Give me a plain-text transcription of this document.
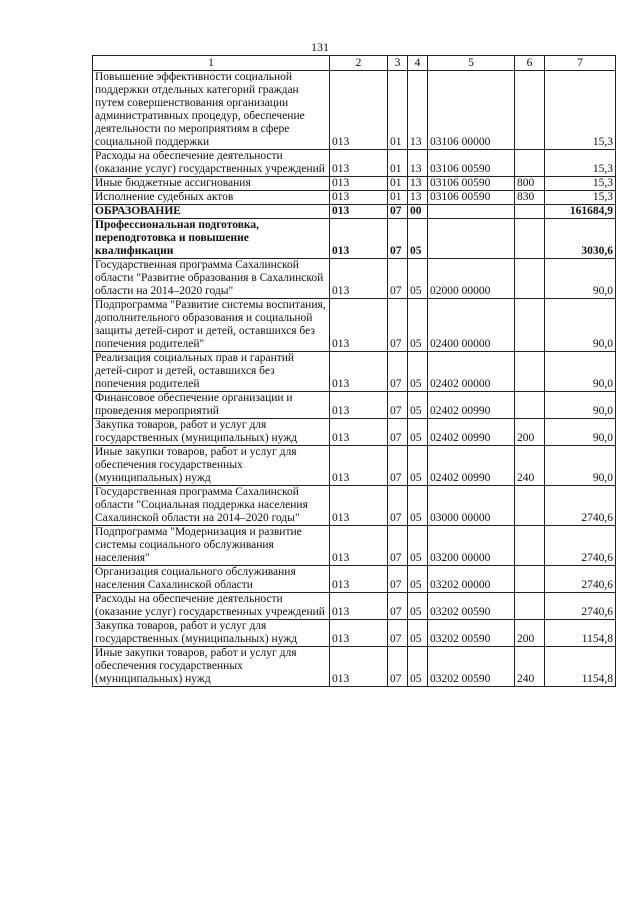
131
1	2	3	4	5	6	7
Повышение эффективности социальной поддержки отдельных категорий граждан путем совершенствования организации административных процедур, обеспечение деятельности по мероприятиям в сфере социальной поддержки	013	01	13	03106 00000		15,3
Расходы на обеспечение деятельности (оказание услуг) государственных учреждений	013	01	13	03106 00590		15,3
Иные бюджетные ассигнования	013	01	13	03106 00590	800	15,3
Исполнение судебных актов	013	01	13	03106 00590	830	15,3
ОБРАЗОВАНИЕ	013	07	00			161684,9
Профессиональная подготовка, переподготовка и повышение квалификации	013	07	05			3030,6
Государственная программа Сахалинской области "Развитие образования в Сахалинской области на 2014–2020 годы"	013	07	05	02000 00000		90,0
Подпрограмма "Развитие системы воспитания, дополнительного образования и социальной защиты детей-сирот и детей, оставшихся без попечения родителей"	013	07	05	02400 00000		90,0
Реализация социальных прав и гарантий детей-сирот и детей, оставшихся без попечения родителей	013	07	05	02402 00000		90,0
Финансовое обеспечение организации и проведения мероприятий	013	07	05	02402 00990		90,0
Закупка товаров, работ и услуг для государственных (муниципальных) нужд	013	07	05	02402 00990	200	90,0
Иные закупки товаров, работ и услуг для обеспечения государственных (муниципальных) нужд	013	07	05	02402 00990	240	90,0
Государственная программа Сахалинской области "Социальная поддержка населения Сахалинской области на 2014–2020 годы"	013	07	05	03000 00000		2740,6
Подпрограмма "Модернизация и развитие системы социального обслуживания населения"	013	07	05	03200 00000		2740,6
Организация социального обслуживания населения Сахалинской области	013	07	05	03202 00000		2740,6
Расходы на обеспечение деятельности (оказание услуг) государственных учреждений	013	07	05	03202 00590		2740,6
Закупка товаров, работ и услуг для государственных (муниципальных) нужд	013	07	05	03202 00590	200	1154,8
Иные закупки товаров, работ и услуг для обеспечения государственных (муниципальных) нужд	013	07	05	03202 00590	240	1154,8
